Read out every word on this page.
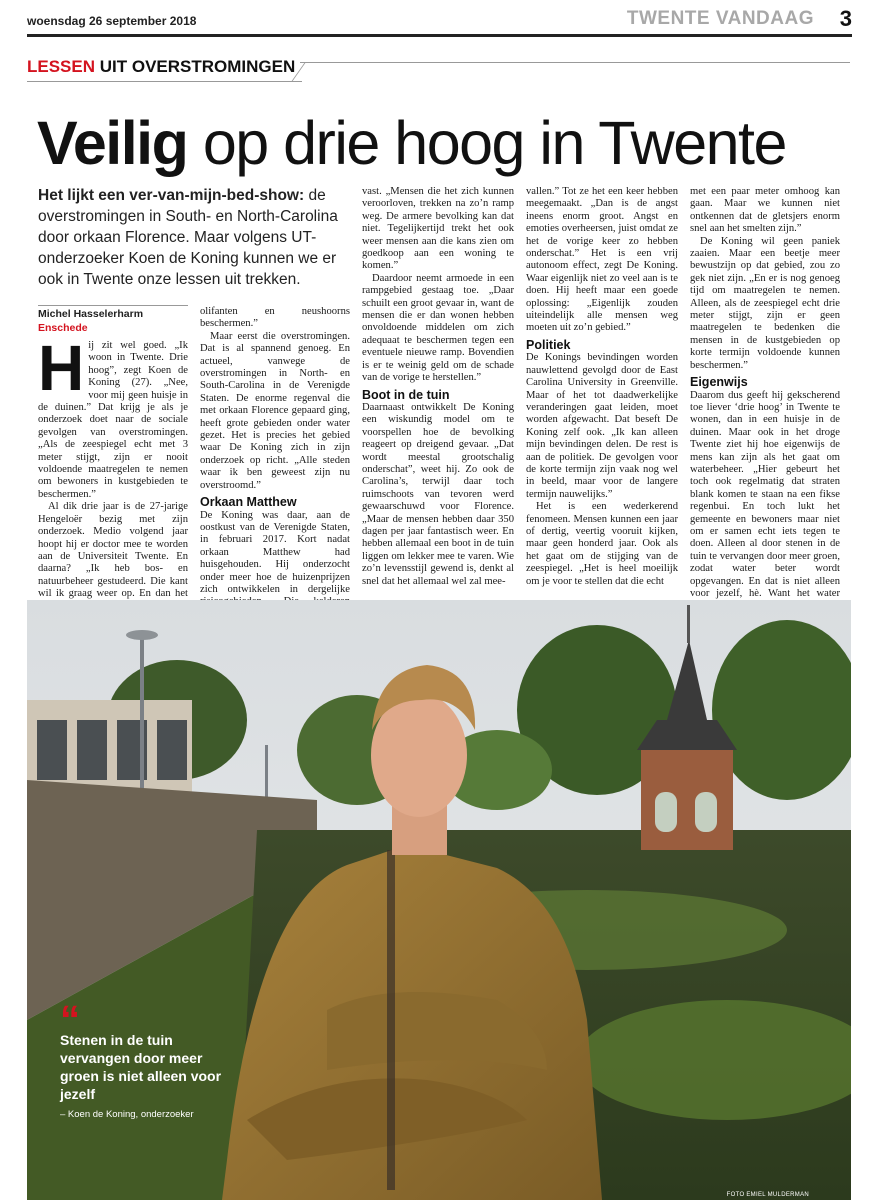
woensdag 26 september 2018	TWENTE VANDAAG 3
LESSEN UIT OVERSTROMINGEN
Veilig op drie hoog in Twente
Het lijkt een ver-van-mijn-bed-show: de overstromingen in South- en North-Carolina door orkaan Florence. Maar volgens UT-onderzoeker Koen de Koning kunnen we er ook in Twente onze lessen uit trekken.
Michel Hasselerharm
Enschede
H ij zit wel goed. „Ik woon in Twente. Drie hoog”, zegt Koen de Koning (27). „Nee, voor mij geen huisje in de duinen.” Dat krijg je als je onderzoek doet naar de sociale gevolgen van overstromingen. „Als de zeespiegel echt met 3 meter stijgt, zijn er nooit voldoende maatregelen te nemen om bewoners in kustgebieden te beschermen.”

Al dik drie jaar is de 27-jarige Hengeloër bezig met zijn onderzoek. Medio volgend jaar hoopt hij er doctor mee te worden aan de Universiteit Twente. En daarna? „Ik heb bos- en natuurbeheer gestudeerd. Die kant wil ik graag weer op. En dan het

olifanten en neushoorns beschermen.”

Maar eerst die overstromingen. Dat is al spannend genoeg. En actueel, vanwege de overstromingen in North- en South-Carolina in de Verenigde Staten. De enorme regenval die met orkaan Florence gepaard ging, heeft grote gebieden onder water gezet. Het is precies het gebied waar De Koning zich in zijn onderzoek op richt. „Alle steden waar ik ben geweest zijn nu overstroomd.”

Orkaan Matthew

De Koning was daar, aan de oostkust van de Verenigde Staten, in februari 2017. Kort nadat orkaan Matthew had huisgehouden. Hij onderzocht onder meer hoe de huizenprijzen zich ontwikkelen in dergelijke

vast. „Mensen die het zich kunnen veroorloven, trekken na zo’n ramp weg. De armere bevolking kan dat niet. Tegelijkertijd trekt het ook weer mensen aan die kans zien om goedkoop aan een woning te komen.”

Daardoor neemt armoede in een rampgebied gestaag toe. „Daar schuilt een groot gevaar in, want de mensen die er dan wonen hebben onvoldoende middelen om zich adequaat te beschermen tegen een eventuele nieuwe ramp. Bovendien is er te weinig geld om de schade van de vorige te herstellen.”

Boot in de tuin

Daarnaast ontwikkelt De Koning een wiskundig model om te voorspellen hoe de bevolking reageert op dreigend gevaar. „Dat wordt meestal grootschalig onderschat”, weet hij. Zo ook de Carolina’s, terwijl daar toch ruimschoots van tevoren werd gewaarschuwd voor Florence. „Maar de mensen hebben daar 350 dagen per jaar fantastisch weer. En hebben allemaal een boot in de tuin liggen om lekker mee te varen. Wie zo’n levensstijl gewend is, denkt al snel dat het allemaal wel zal mee-

vallen.” Tot ze het een keer hebben meegemaakt. „Dan is de angst ineens enorm groot. Angst en emoties overheersen, juist omdat ze het de vorige keer zo hebben onderschat.” Het is een vrij autonoom effect, zegt De Koning. Waar eigenlijk niet zo veel aan is te doen. Hij heeft maar een goede oplossing: „Eigenlijk zouden uiteindelijk alle mensen weg moeten uit zo’n gebied.”

Politiek

De Konings bevindingen worden nauwlettend gevolgd door de East Carolina University in Greenville. Maar of het tot daadwerkelijke veranderingen gaat leiden, moet worden afgewacht. Dat beseft De Koning zelf ook. „Ik kan alleen mijn bevindingen delen. De rest is aan de politiek. De gevolgen voor de korte termijn zijn vaak nog wel in beeld, maar voor de langere termijn nauwelijks.”

Het is een wederkerend fenomeen. Mensen kunnen een jaar of dertig, veertig vooruit kijken, maar geen honderd jaar. Ook als het gaat om de stijging van de zeespiegel. „Het is heel moeilijk om je voor te stellen dat die echt

met een paar meter omhoog kan gaan. Maar we kunnen niet ontkennen dat de gletsjers enorm snel aan het smelten zijn.”

De Koning wil geen paniek zaaien. Maar een beetje meer bewustzijn op dat gebied, zou zo gek niet zijn. „En er is nog genoeg tijd om maatregelen te nemen. Alleen, als de zeespiegel echt drie meter stijgt, zijn er geen maatregelen te bedenken die mensen in de kustgebieden op korte termijn voldoende kunnen beschermen.”

Eigenwijs

Daarom dus geeft hij gekscherend toe liever ‘drie hoog’ in Twente te wonen, dan in een huisje in de duinen. Maar ook in het droge Twente ziet hij hoe eigenwijs de mens kan zijn als het gaat om waterbeheer. „Hier gebeurt het toch ook regelmatig dat straten blank komen te staan na een fikse regenbui. En toch lukt het gemeente en bewoners maar niet om er samen echt iets tegen te doen. Alleen al door stenen in de tuin te vervangen door meer groen, zodat water beter wordt opgevangen. En dat is niet alleen voor jezelf, hè. Want het water

FOTO EMIEL MULDERMAN
“
Stenen in de tuin vervangen door meer groen is niet alleen voor jezelf
– Koen de Koning, onderzoeker
